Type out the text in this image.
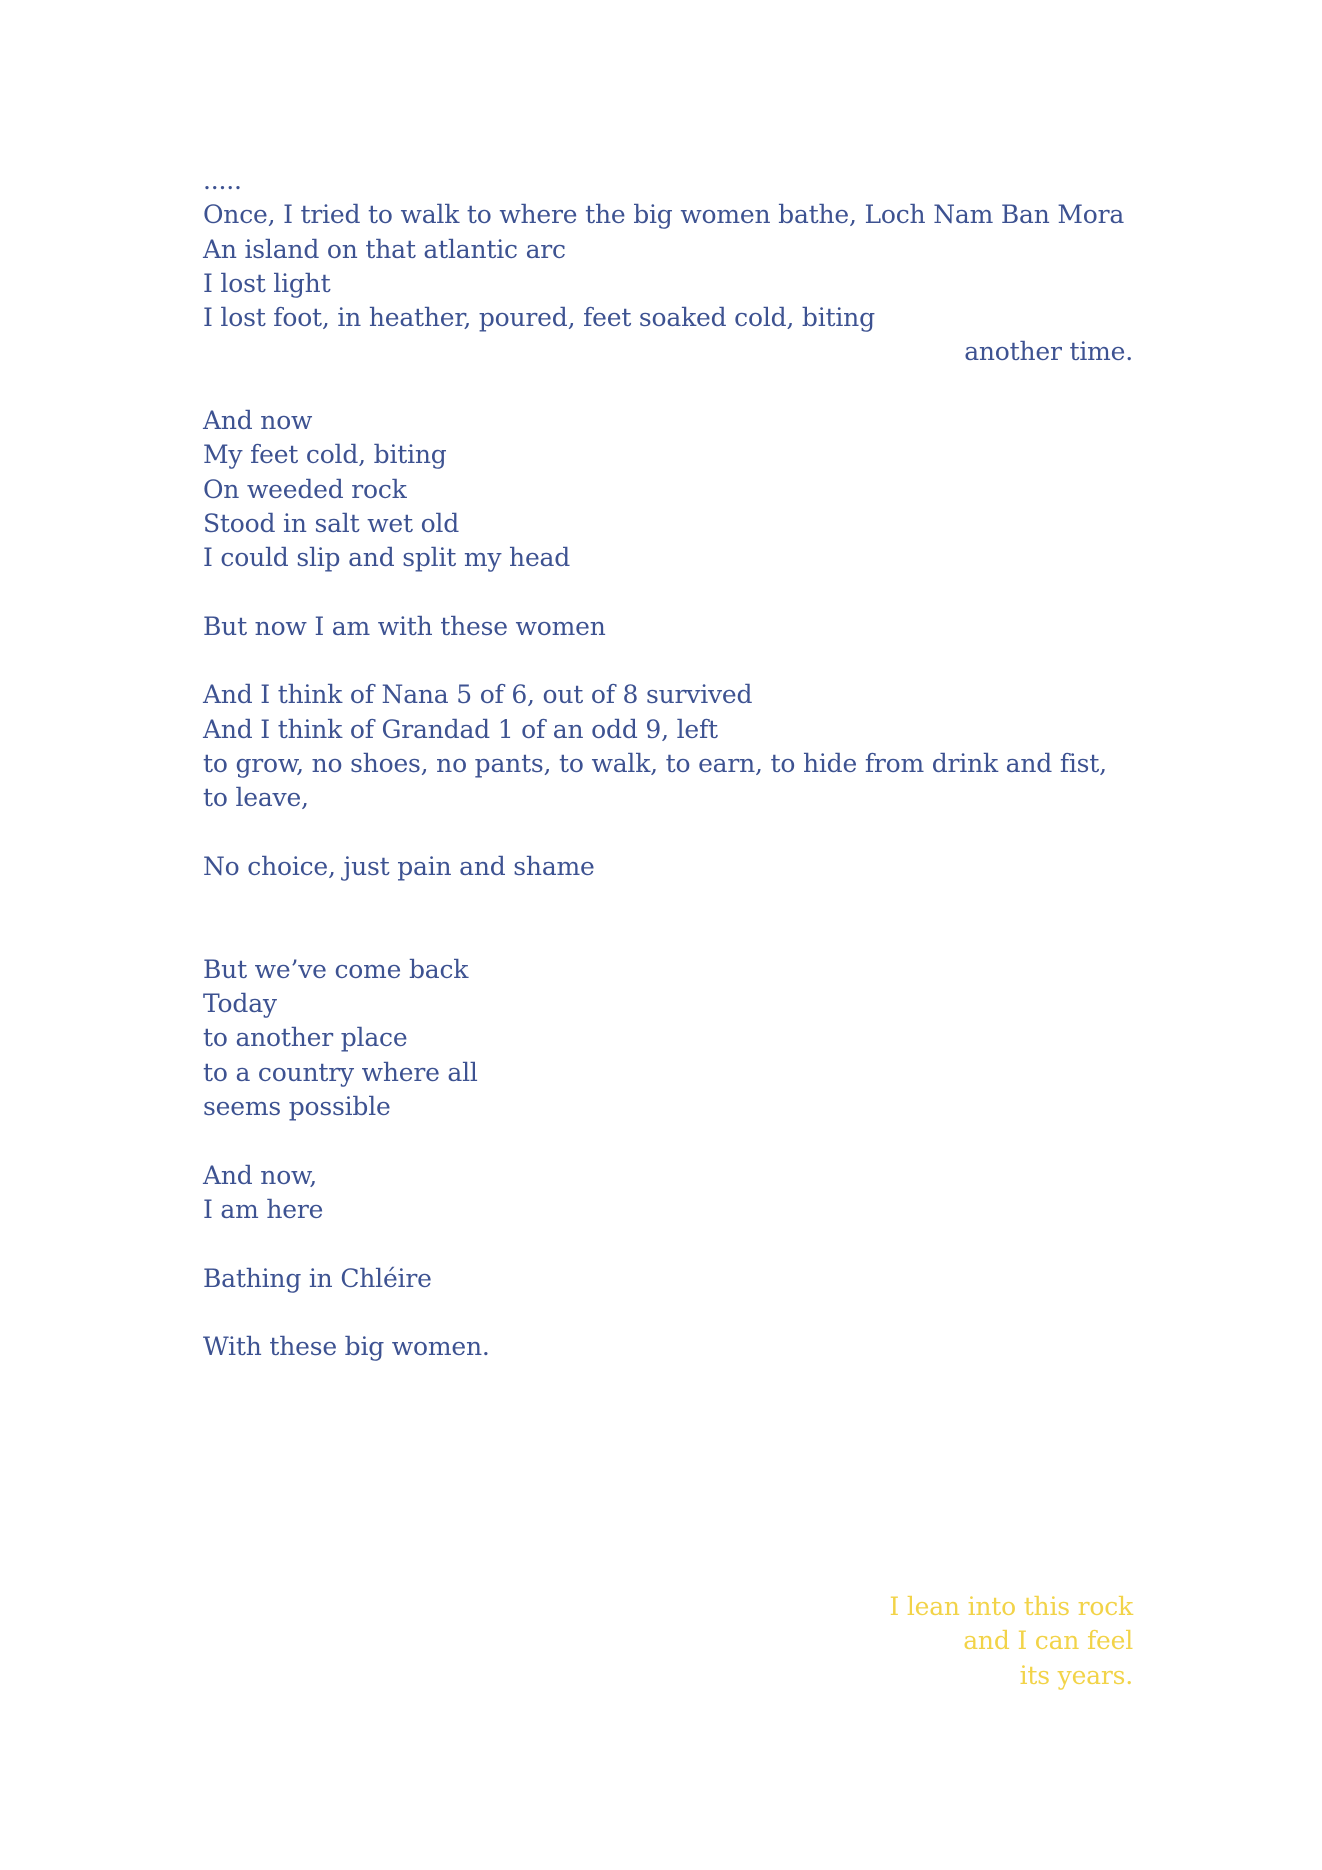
.....
Once, I tried to walk to where the big women bathe, Loch Nam Ban Mora
An island on that atlantic arc
I lost light
I lost foot, in heather, poured, feet soaked cold, biting
another time.
And now
My feet cold, biting
On weeded rock
Stood in salt wet old
I could slip and split my head
But now I am with these women
And I think of Nana 5 of 6, out of 8 survived
And I think of Grandad 1 of an odd 9, left
to grow, no shoes, no pants, to walk, to earn, to hide from drink and fist, to leave,
No choice, just pain and shame
But we’ve come back
Today
to another place
to a country where all
seems possible
And now,
I am here
Bathing in Chléire
With these big women.
I lean into this rock
and I can feel
its years.
